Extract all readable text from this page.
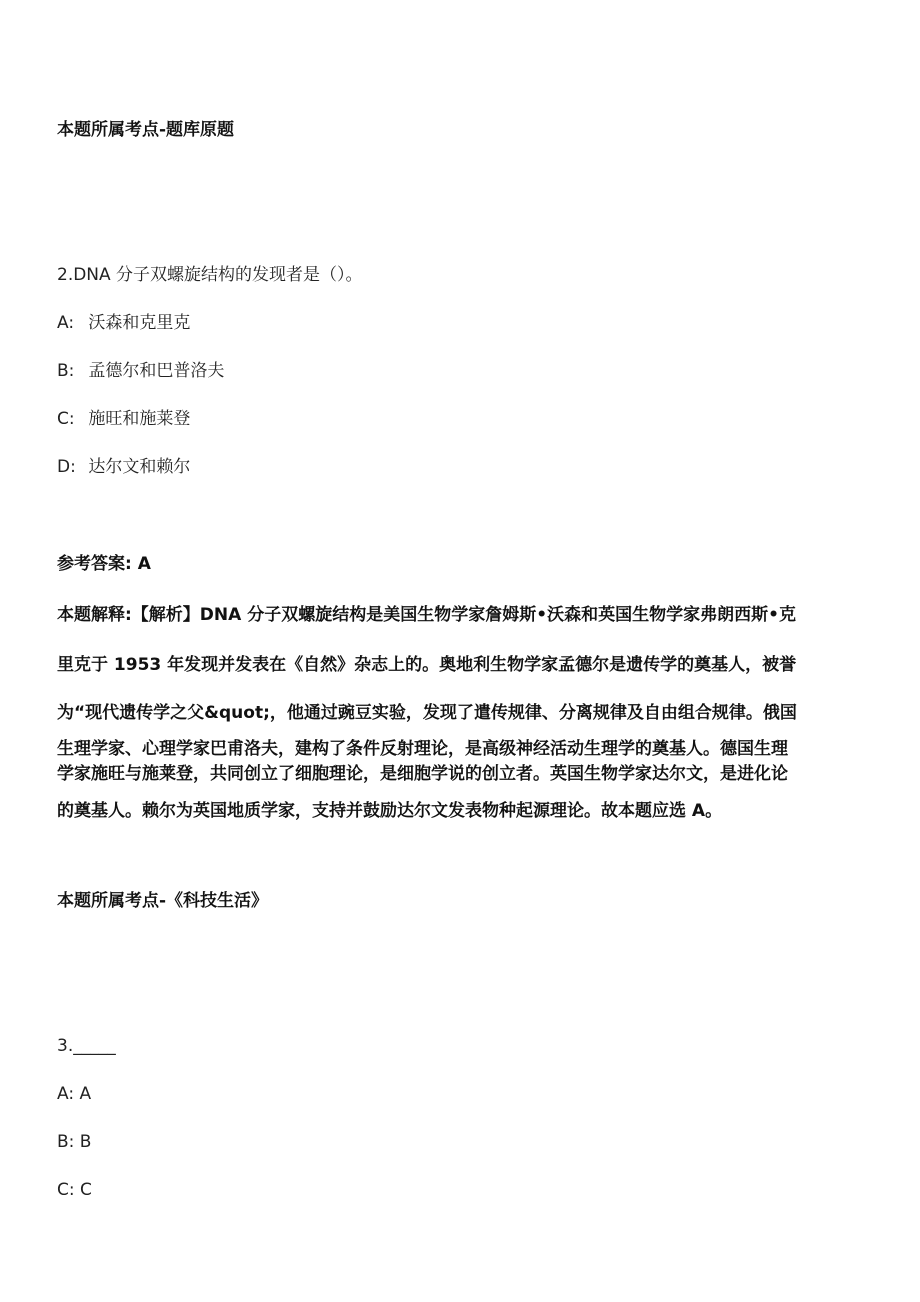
本题所属考点-题库原题
2.DNA 分子双螺旋结构的发现者是（）。
A: 沃森和克里克
B: 孟德尔和巴普洛夫
C: 施旺和施莱登
D: 达尔文和赖尔
参考答案: A
本题解释:【解析】DNA 分子双螺旋结构是美国生物学家詹姆斯•沃森和英国生物学家弗朗西斯•克
里克于 1953 年发现并发表在《自然》杂志上的。奥地利生物学家孟德尔是遗传学的奠基人，被誉
为“现代遗传学之父&quot;，他通过豌豆实验，发现了遣传规律、分离规律及自由组合规律。俄国
生理学家、心理学家巴甫洛夫，建构了条件反射理论，是高级神经活动生理学的奠基人。德国生理
学家施旺与施莱登，共同创立了细胞理论，是细胞学说的创立者。英国生物学家达尔文，是进化论
的奠基人。赖尔为英国地质学家，支持并鼓励达尔文发表物种起源理论。故本题应选 A。
本题所属考点-《科技生活》
3._____
A: A
B: B
C: C
